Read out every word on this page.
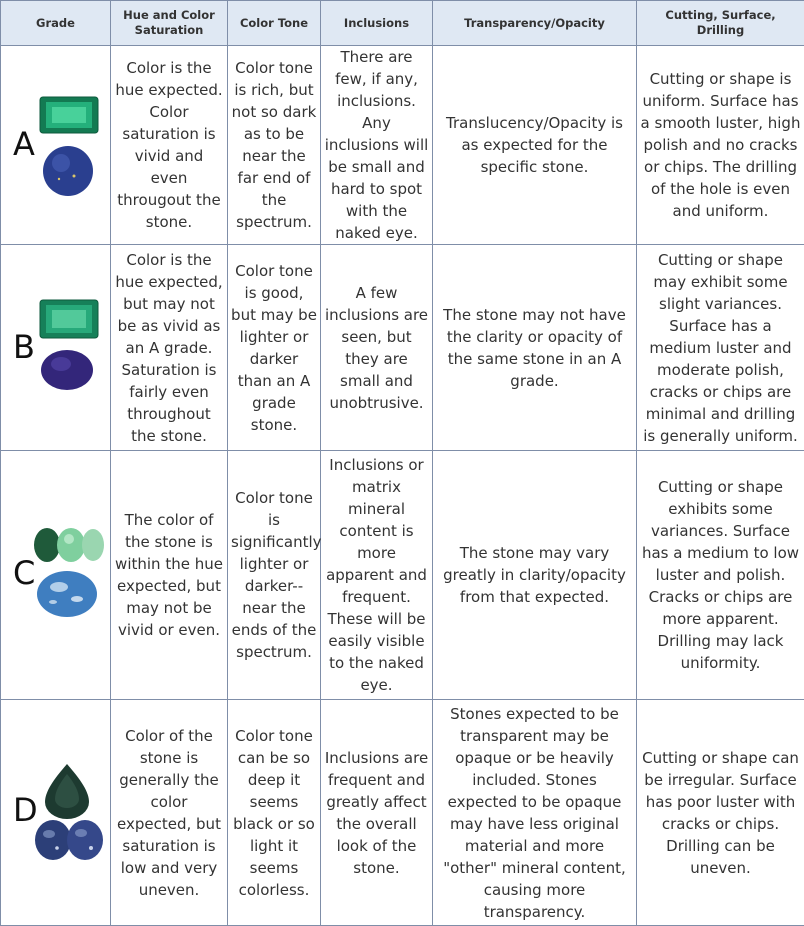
Grade	Hue and Color Saturation	Color Tone	Inclusions	Transparency/Opacity	Cutting, Surface, Drilling

A	Color is the hue expected. Color saturation is vivid and even througout the stone.	Color tone is rich, but not so dark as to be near the far end of the spectrum.	There are few, if any, inclusions. Any inclusions will be small and hard to spot with the naked eye.	Translucency/Opacity is as expected for the specific stone.	Cutting or shape is uniform. Surface has a smooth luster, high polish and no cracks or chips. The drilling of the hole is even and uniform.

B	Color is the hue expected, but may not be as vivid as an A grade. Saturation is fairly even throughout the stone.	Color tone is good, but may be lighter or darker than an A grade stone.	A few inclusions are seen, but they are small and unobtrusive.	The stone may not have the clarity or opacity of the same stone in an A grade.	Cutting or shape may exhibit some slight variances. Surface has a medium luster and moderate polish, cracks or chips are minimal and drilling is generally uniform.

C	The color of the stone is within the hue expected, but may not be vivid or even.	Color tone is significantly lighter or darker-- near the ends of the spectrum.	Inclusions or matrix mineral content is more apparent and frequent. These will be easily visible to the naked eye.	The stone may vary greatly in clarity/opacity from that expected.	Cutting or shape exhibits some variances. Surface has a medium to low luster and polish. Cracks or chips are more apparent. Drilling may lack uniformity.

D	Color of the stone is generally the color expected, but saturation is low and very uneven.	Color tone can be so deep it seems black or so light it seems colorless.	Inclusions are frequent and greatly affect the overall look of the stone.	Stones expected to be transparent may be opaque or be heavily included. Stones expected to be opaque may have less original material and more "other" mineral content, causing more transparency.	Cutting or shape can be irregular. Surface has poor luster with cracks or chips. Drilling can be uneven.
